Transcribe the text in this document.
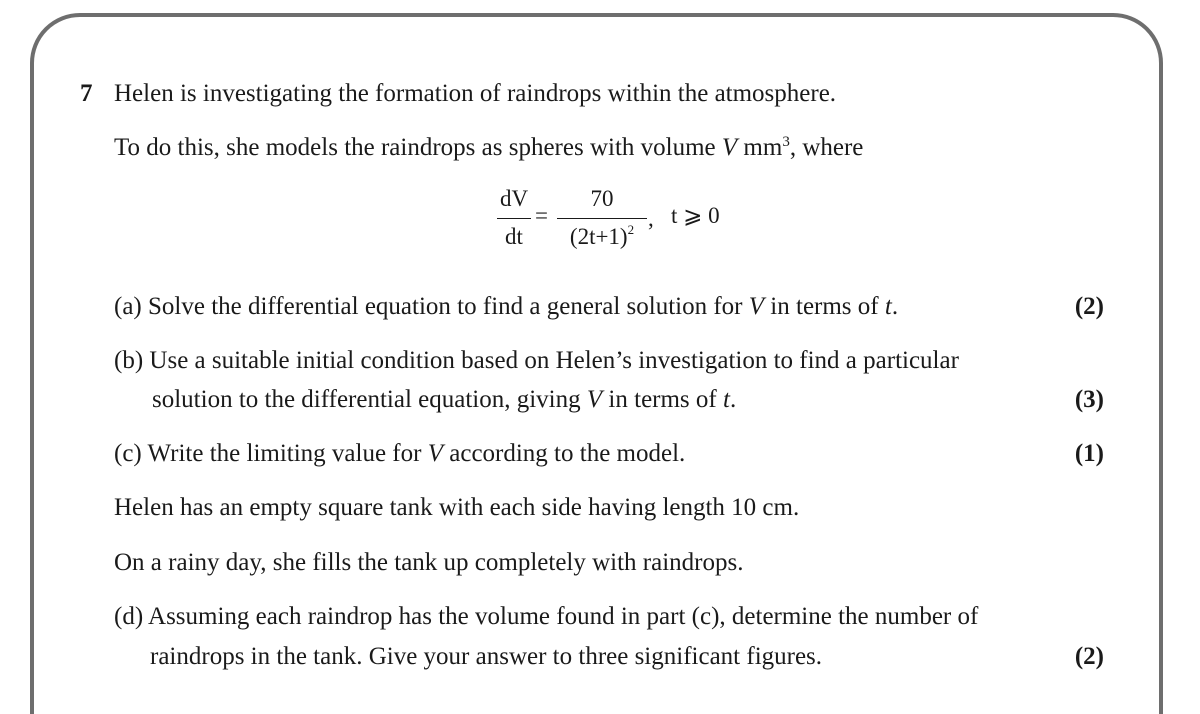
7 Helen is investigating the formation of raindrops within the atmosphere.
To do this, she models the raindrops as spheres with volume V $mm^3$, where
dV
dt
=
70
$(2t+1)^2$ , t ⩾ 0
(a) Solve the differential equation to find a general solution for V in terms of t.	(2)
(b) Use a suitable initial condition based on Helen’s investigation to find a particular
solution to the differential equation, giving V in terms of t.	(3)
(c) Write the limiting value for V according to the model.	(1)
Helen has an empty square tank with each side having length 10 cm.
On a rainy day, she fills the tank up completely with raindrops.
(d) Assuming each raindrop has the volume found in part (c), determine the number of
raindrops in the tank. Give your answer to three significant figures.	(2)
